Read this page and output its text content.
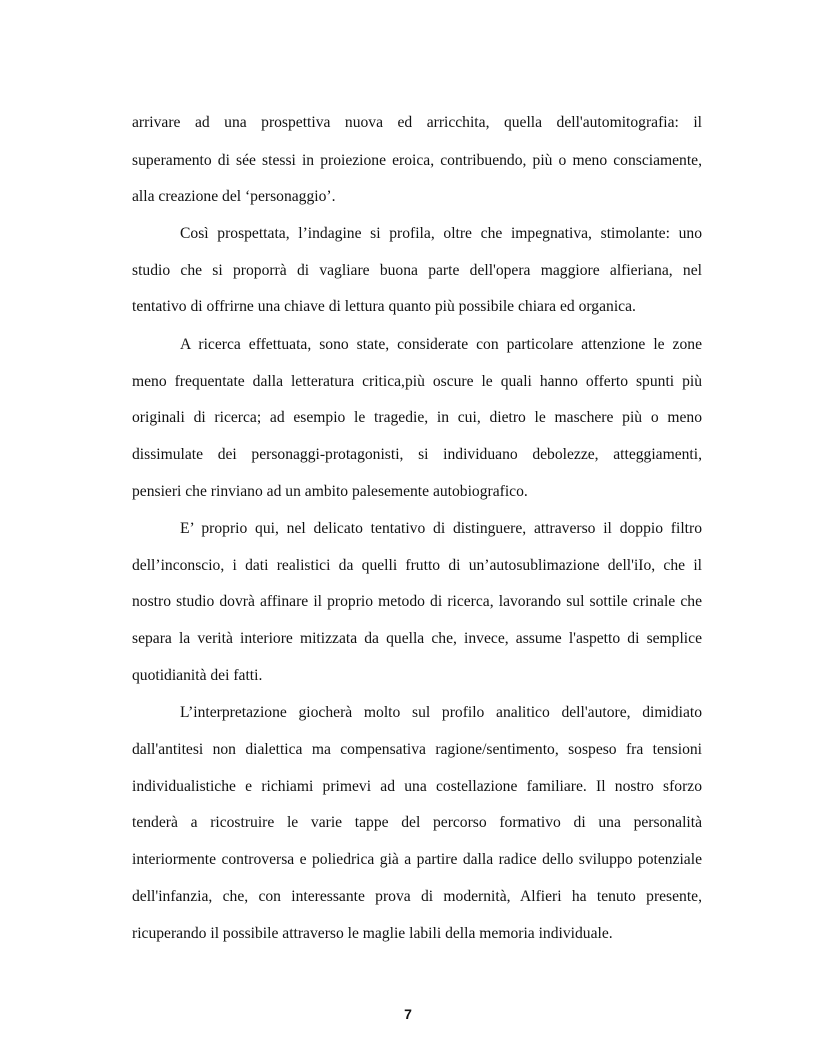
arrivare ad una prospettiva nuova ed arricchita, quella dell'automitografia: il
superamento di sée stessi in proiezione eroica, contribuendo, più o meno consciamente,
alla creazione del ‘personaggio’.
Così prospettata, l’indagine si profila, oltre che impegnativa, stimolante: uno
studio che si proporrà di vagliare buona parte dell'opera maggiore alfieriana, nel
tentativo di offrirne una chiave di lettura quanto più possibile chiara ed organica.
A ricerca effettuata, sono state, considerate con particolare attenzione le zone
meno frequentate dalla letteratura critica,più oscure le quali hanno offerto spunti più
originali di ricerca; ad esempio le tragedie, in cui, dietro le maschere più o meno
dissimulate dei personaggi-protagonisti, si individuano debolezze, atteggiamenti,
pensieri che rinviano ad un ambito palesemente autobiografico.
E’ proprio qui, nel delicato tentativo di distinguere, attraverso il doppio filtro
dell’inconscio, i dati realistici da quelli frutto di un’autosublimazione dell'iIo, che il
nostro studio dovrà affinare il proprio metodo di ricerca, lavorando sul sottile crinale che
separa la verità interiore mitizzata da quella che, invece, assume l'aspetto di semplice
quotidianità dei fatti.
L’interpretazione giocherà molto sul profilo analitico dell'autore, dimidiato
dall'antitesi non dialettica ma compensativa ragione/sentimento, sospeso fra tensioni
individualistiche e richiami primevi ad una costellazione familiare. Il nostro sforzo
tenderà a ricostruire le varie tappe del percorso formativo di una personalità
interiormente controversa e poliedrica già a partire dalla radice dello sviluppo potenziale
dell'infanzia, che, con interessante prova di modernità, Alfieri ha tenuto presente,
ricuperando il possibile attraverso le maglie labili della memoria individuale.
7
